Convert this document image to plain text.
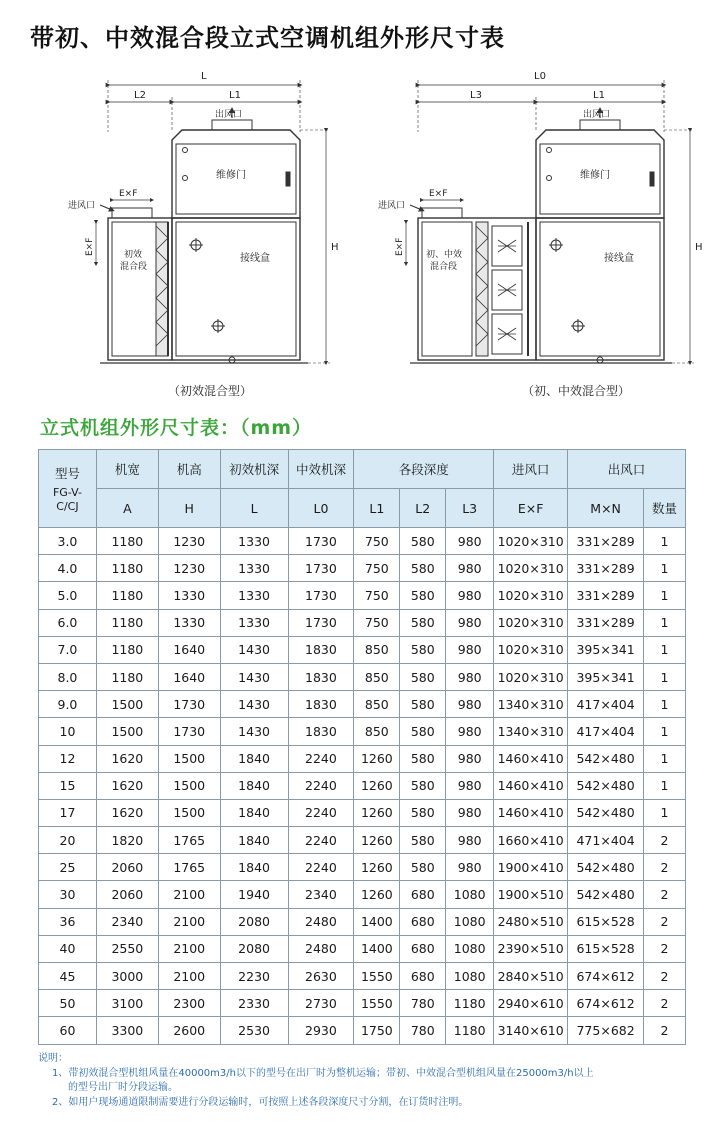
带初、中效混合段立式空调机组外形尺寸表
L
L2	L1
出风口
维修门
进风口
E×F
E×F	初效
混合段
接线盒
H
（初效混合型）
L0
L3	L1
出风口
维修门
进风口
E×F
E×F 初、中效
混合段
接线盒
H
（初、中效混合型）
立式机组外形尺寸表：（mm）
型号
FG-V-C/CJ	机宽	机高	初效机深	中效机深	各段深度			进风口	出风口	
	A	H	L	L0	L1	L2	L3	E×F	M×N	数量
3.0	1180	1230	1330	1730	750	580	980	1020×310	331×289	1
4.0	1180	1230	1330	1730	750	580	980	1020×310	331×289	1
5.0	1180	1330	1330	1730	750	580	980	1020×310	331×289	1
6.0	1180	1330	1330	1730	750	580	980	1020×310	331×289	1
7.0	1180	1640	1430	1830	850	580	980	1020×310	395×341	1
8.0	1180	1640	1430	1830	850	580	980	1020×310	395×341	1
9.0	1500	1730	1430	1830	850	580	980	1340×310	417×404	1
10	1500	1730	1430	1830	850	580	980	1340×310	417×404	1
12	1620	1500	1840	2240	1260	580	980	1460×410	542×480	1
15	1620	1500	1840	2240	1260	580	980	1460×410	542×480	1
17	1620	1500	1840	2240	1260	580	980	1460×410	542×480	1
20	1820	1765	1840	2240	1260	580	980	1660×410	471×404	2
25	2060	1765	1840	2240	1260	580	980	1900×410	542×480	2
30	2060	2100	1940	2340	1260	680	1080	1900×510	542×480	2
36	2340	2100	2080	2480	1400	680	1080	2480×510	615×528	2
40	2550	2100	2080	2480	1400	680	1080	2390×510	615×528	2
45	3000	2100	2230	2630	1550	680	1080	2840×510	674×612	2
50	3100	2300	2330	2730	1550	780	1180	2940×610	674×612	2
60	3300	2600	2530	2930	1750	780	1180	3140×610	775×682	2
说明：
1、带初效混合型机组风量在40000m3/h以下的型号在出厂时为整机运输；带初、中效混合型机组风量在25000m3/h以上
的型号出厂时分段运输。
2、如用户现场通道限制需要进行分段运输时，可按照上述各段深度尺寸分割，在订货时注明。
